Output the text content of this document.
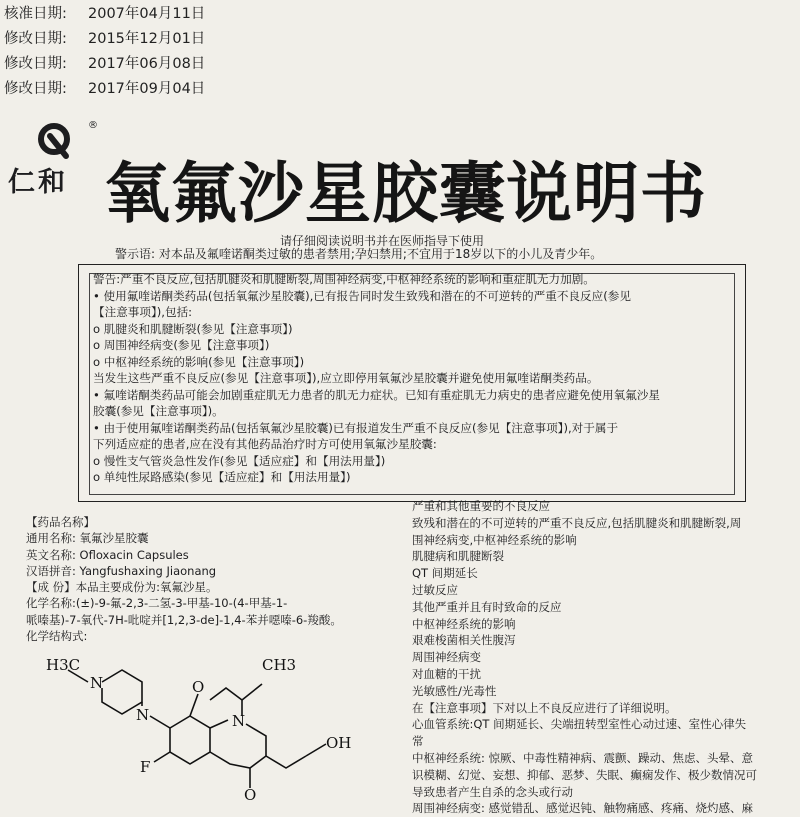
核准日期: 2007年04月11日
修改日期: 2015年12月01日
修改日期: 2017年06月08日
修改日期: 2017年09月04日
®
仁和 氧氟沙星胶囊说明书
请仔细阅读说明书并在医师指导下使用
警示语: 对本品及氟喹诺酮类过敏的患者禁用;孕妇禁用;不宜用于18岁以下的小儿及青少年。

警告:严重不良反应,包括肌腱炎和肌腱断裂,周围神经病变,中枢神经系统的影响和重症肌无力加剧。

• 使用氟喹诺酮类药品(包括氧氟沙星胶囊),已有报告同时发生致残和潜在的不可逆转的严重不良反应(参见

【注意事项】),包括:

o 肌腱炎和肌腱断裂(参见【注意事项】)

o 周围神经病变(参见【注意事项】)

o 中枢神经系统的影响(参见【注意事项】)

当发生这些严重不良反应(参见【注意事项】),应立即停用氧氟沙星胶囊并避免使用氟喹诺酮类药品。

• 氟喹诺酮类药品可能会加剧重症肌无力患者的肌无力症状。已知有重症肌无力病史的患者应避免使用氧氟沙星

胶囊(参见【注意事项】)。

• 由于使用氟喹诺酮类药品(包括氧氟沙星胶囊)已有报道发生严重不良反应(参见【注意事项】),对于属于

下列适应症的患者,应在没有其他药品治疗时方可使用氧氟沙星胶囊:

o 慢性支气管炎急性发作(参见【适应症】和【用法用量】)

o 单纯性尿路感染(参见【适应症】和【用法用量】)

【药品名称】

通用名称: 氧氟沙星胶囊

英文名称: Ofloxacin Capsules

汉语拼音: Yangfushaxing Jiaonang

【成 份】本品主要成份为:氧氟沙星。

化学名称:(±)-9-氟-2,3-二氢-3-甲基-10-(4-甲基-1-

哌嗪基)-7-氧代-7H-吡啶并[1,2,3-de]-1,4-苯并噁嗪-6-羧酸。

化学结构式:

H3C
N
N
O
CH3
N
F
OH
O

严重和其他重要的不良反应

致残和潜在的不可逆转的严重不良反应,包括肌腱炎和肌腱断裂,周

围神经病变,中枢神经系统的影响

肌腱病和肌腱断裂

QT 间期延长

过敏反应

其他严重并且有时致命的反应

中枢神经系统的影响

艰难梭菌相关性腹泻

周围神经病变

对血糖的干扰

光敏感性/光毒性

在【注意事项】下对以上不良反应进行了详细说明。

心血管系统:QT 间期延长、尖端扭转型室性心动过速、室性心律失

常

中枢神经系统: 惊厥、中毒性精神病、震颤、躁动、焦虑、头晕、意

识模糊、幻觉、妄想、抑郁、恶梦、失眠、癫痫发作、极少数情况可

导致患者产生自杀的念头或行动

周围神经病变: 感觉错乱、感觉迟钝、触物痛感、疼痛、烧灼感、麻
